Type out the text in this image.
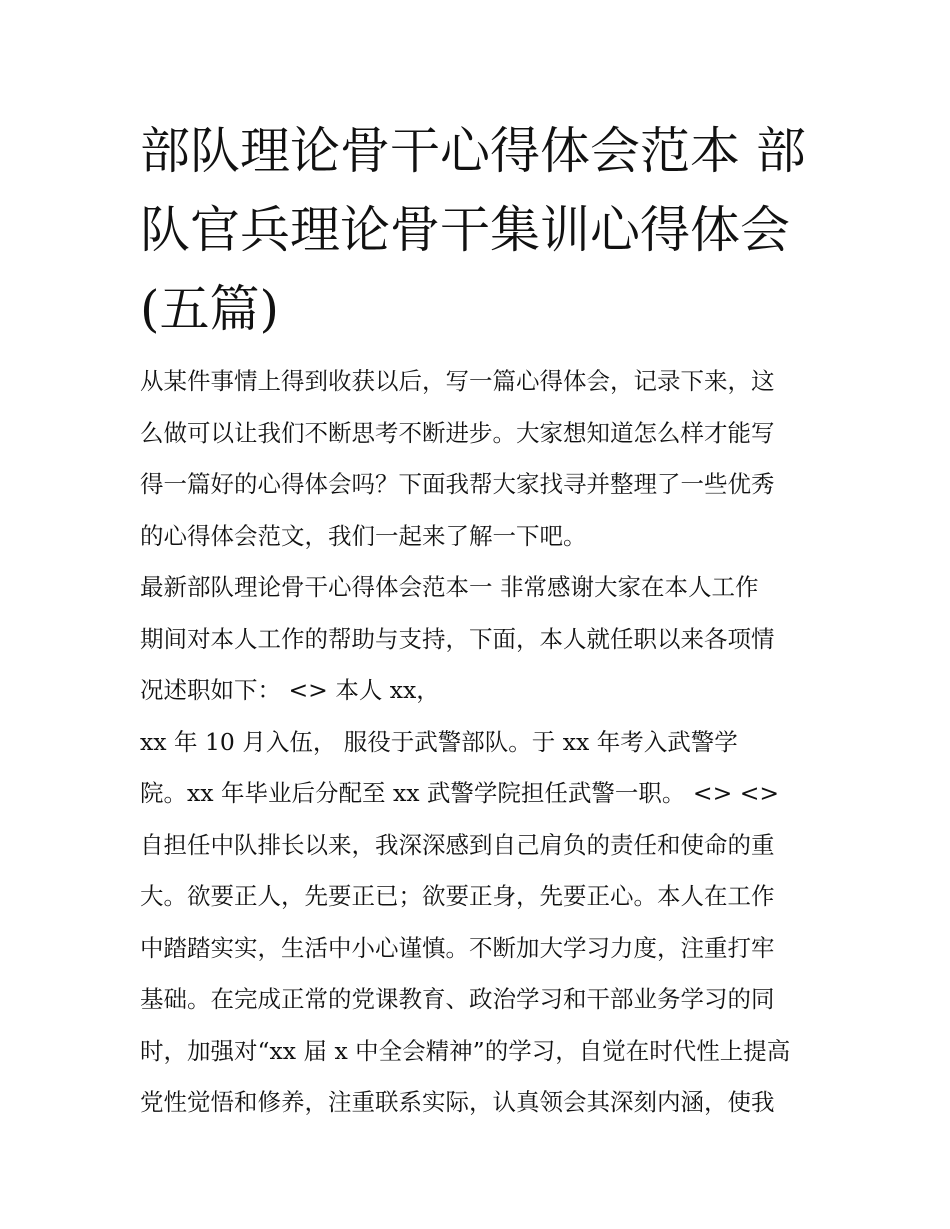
部队理论骨干心得体会范本 部
队官兵理论骨干集训心得体会
(五篇)
从某件事情上得到收获以后，写一篇心得体会，记录下来，这
么做可以让我们不断思考不断进步。大家想知道怎么样才能写
得一篇好的心得体会吗？下面我帮大家找寻并整理了一些优秀
的心得体会范文，我们一起来了解一下吧。
最新部队理论骨干心得体会范本一 非常感谢大家在本人工作
期间对本人工作的帮助与支持，下面，本人就任职以来各项情
况述职如下： <> 本人 xx，
xx 年 10 月入伍， 服役于武警部队。于 xx 年考入武警学
院。xx 年毕业后分配至 xx 武警学院担任武警一职。 <> <>
自担任中队排长以来，我深深感到自己肩负的责任和使命的重
大。欲要正人，先要正已；欲要正身，先要正心。本人在工作
中踏踏实实，生活中小心谨慎。不断加大学习力度，注重打牢
基础。在完成正常的党课教育、政治学习和干部业务学习的同
时，加强对“xx 届 x 中全会精神”的学习，自觉在时代性上提高
党性觉悟和修养，注重联系实际，认真领会其深刻内涵，使我
